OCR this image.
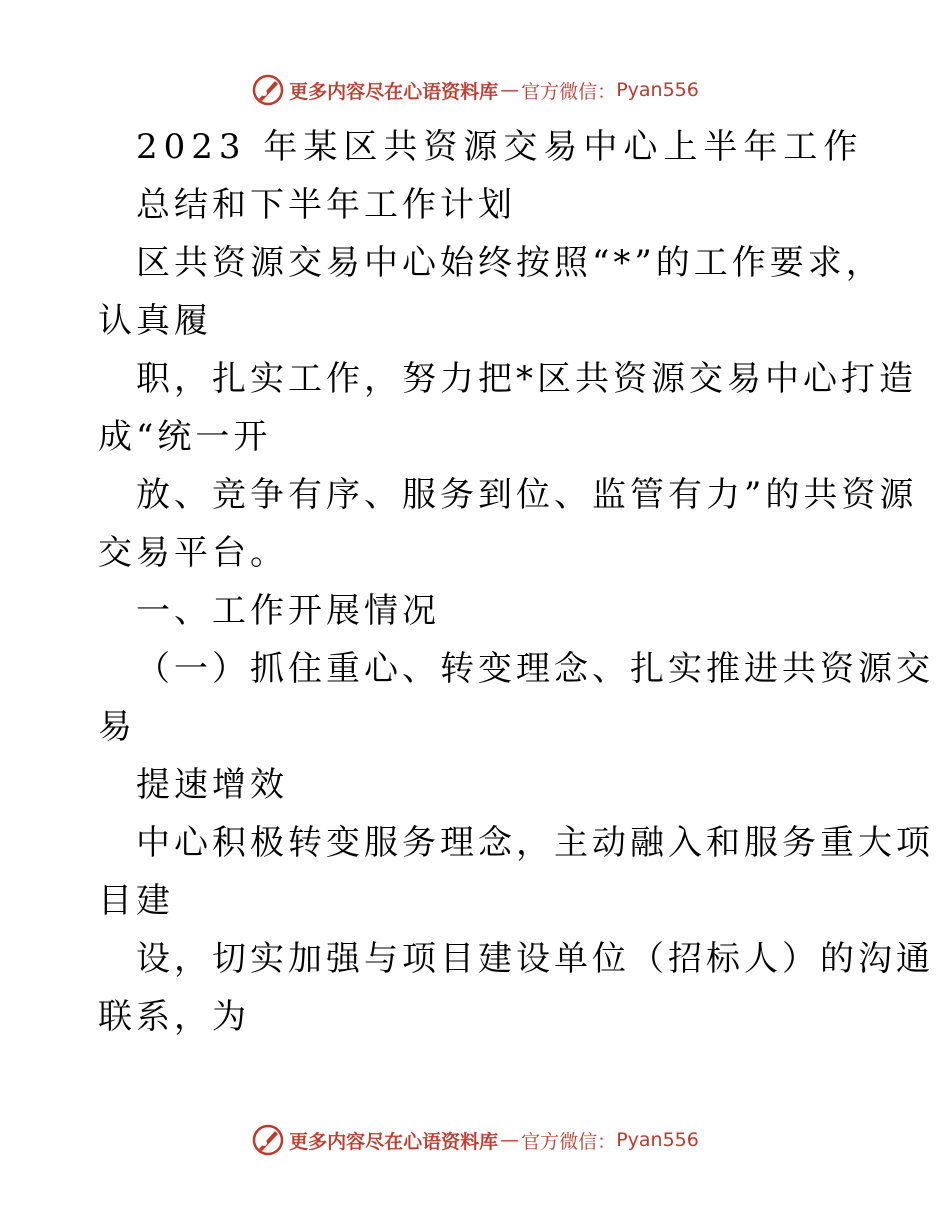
更多内容尽在心语资料库 — 官方微信： Pyan556

2023 年某区共资源交易中心上半年工作

总结和下半年工作计划

区共资源交易中心始终按照“*”的工作要求，

认真履

职，扎实工作，努力把*区共资源交易中心打造

成“统一开

放、竞争有序、服务到位、监管有力”的共资源

交易平台。

一、工作开展情况

（一）抓住重心、转变理念、扎实推进共资源交

易

提速增效

中心积极转变服务理念，主动融入和服务重大项

目建

设，切实加强与项目建设单位（招标人）的沟通

联系，为

更多内容尽在心语资料库 — 官方微信： Pyan556
